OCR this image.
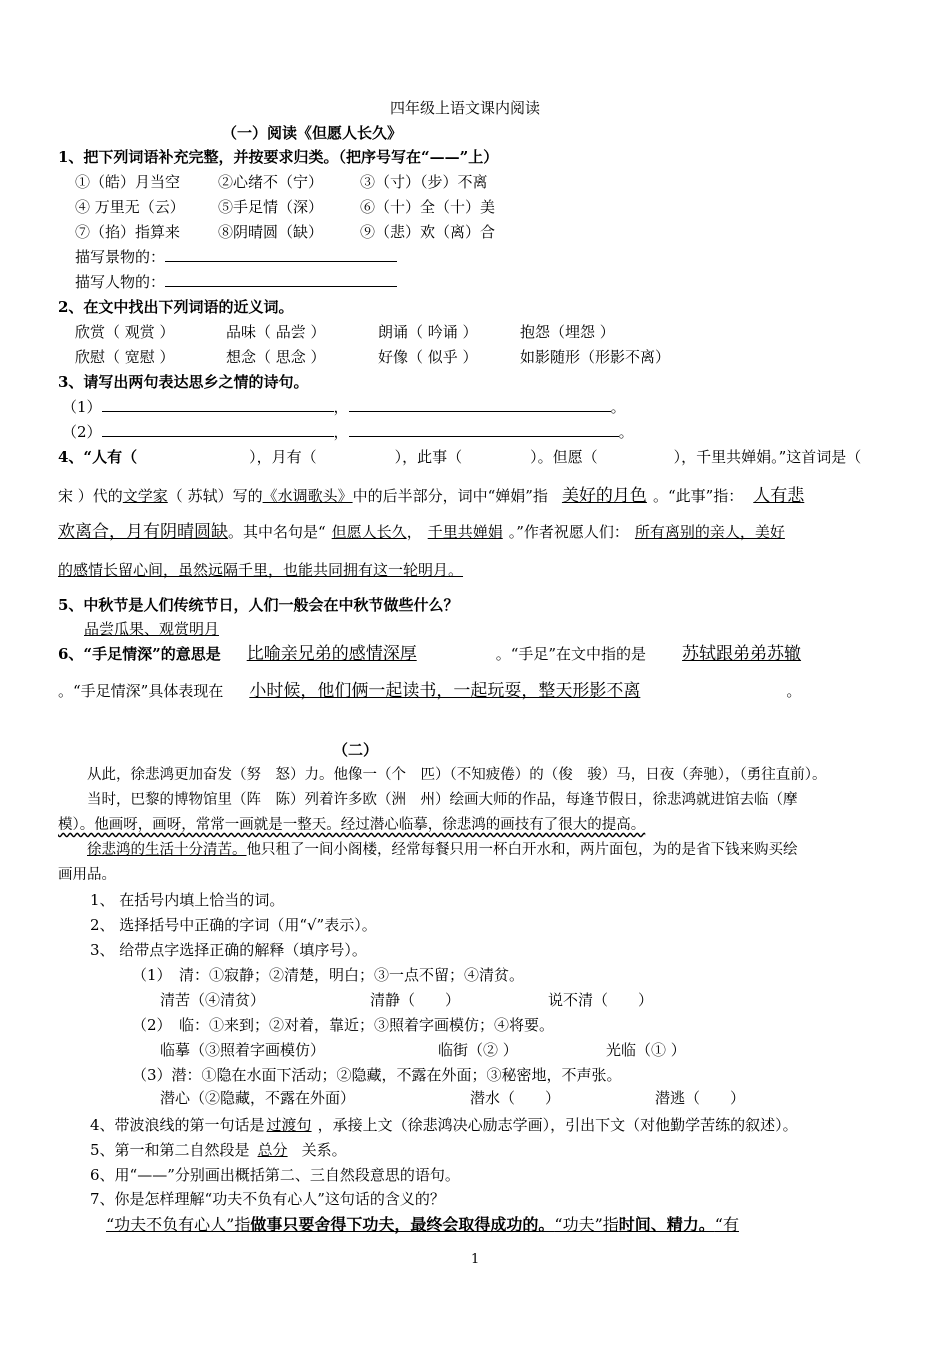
四年级上语文课内阅读
（一）阅读《但愿人长久》
1、把下列词语补充完整，并按要求归类。（把序号写在“——”上）
①（皓）月当空	②心绪不（宁） ③（寸）（步）不离
④ 万里无（云） ⑤手足情（深） ⑥（十）全（十）美
⑦（掐）指算来	⑧阴晴圆（缺） ⑨（悲）欢（离）合
描写景物的：
描写人物的：
2、在文中找出下列词语的近义词。
欣赏（ 观赏 ）	品味（ 品尝 ）	朗诵（ 吟诵 ）	抱怨（埋怨 ）
欣慰（ 宽慰 ）	想念（ 思念 ）	好像（ 似乎 ）	如影随形（形影不离）
3、请写出两句表达思乡之情的诗句。
（1）	，	。
（2）	，	。
4、“人有（	），月有（	），此事（	）。但愿（	），千里共婵娟。”这首词是（
宋 ）代的文学家（ 苏轼）写的《水调歌头》中的后半部分，词中“婵娟”指 美好的月色 。“此事”指： 人有悲
欢离合，月有阴晴圆缺。其中名句是“ 但愿人长久， 千里共婵娟 。”作者祝愿人们： 所有离别的亲人，美好
的感情长留心间，虽然远隔千里，也能共同拥有这一轮明月。
5、中秋节是人们传统节日，人们一般会在中秋节做些什么？
品尝瓜果、观赏明月
6、“手足情深”的意思是 比喻亲兄弟的感情深厚	。“手足”在文中指的是 苏轼跟弟弟苏辙
。“手足情深”具体表现在 小时候，他们俩一起读书，一起玩耍，整天形影不离	。
（二）
从此，徐悲鸿更加奋发（努　怒）力。他像一（个　匹）（不知疲倦）的（俊　骏）马，日夜（奔驰），（勇往直前）。
当时，巴黎的博物馆里（阵　陈）列着许多欧（洲　州）绘画大师的作品，每逢节假日，徐悲鸿就进馆去临（摩
模）。他画呀，画呀，常常一画就是一整天。经过潜心临摹，徐悲鸿的画技有了很大的提高。
徐悲鸿的生活十分清苦。他只租了一间小阁楼，经常每餐只用一杯白开水和，两片面包，为的是省下钱来购买绘
画用品。
1、 在括号内填上恰当的词。
2、 选择括号中正确的字词（用“√”表示）。
3、 给带点字选择正确的解释（填序号）。
（1）　清：①寂静；②清楚，明白；③一点不留；④清贫。
清苦（④清贫）	清静（　　）	说不清（　　）
（2）　临：①来到；②对着，靠近；③照着字画模仿；④将要。
临摹（③照着字画模仿）	临街（② ）	光临（① ）
（3）潜：①隐在水面下活动；②隐藏，不露在外面；③秘密地，不声张。
潜心（②隐藏，不露在外面）	潜水（　　）	潜逃（　　）
4、带波浪线的第一句话是 过渡句 ，承接上文（徐悲鸿决心励志学画），引出下文（对他勤学苦练的叙述）。
5、第一和第二自然段是 总分 关系。
6、用“——”分别画出概括第二、三自然段意思的语句。
7、你是怎样理解“功夫不负有心人”这句话的含义的？
“功夫不负有心人”指做事只要舍得下功夫，最终会取得成功的。“功夫”指时间、精力。“有
1
